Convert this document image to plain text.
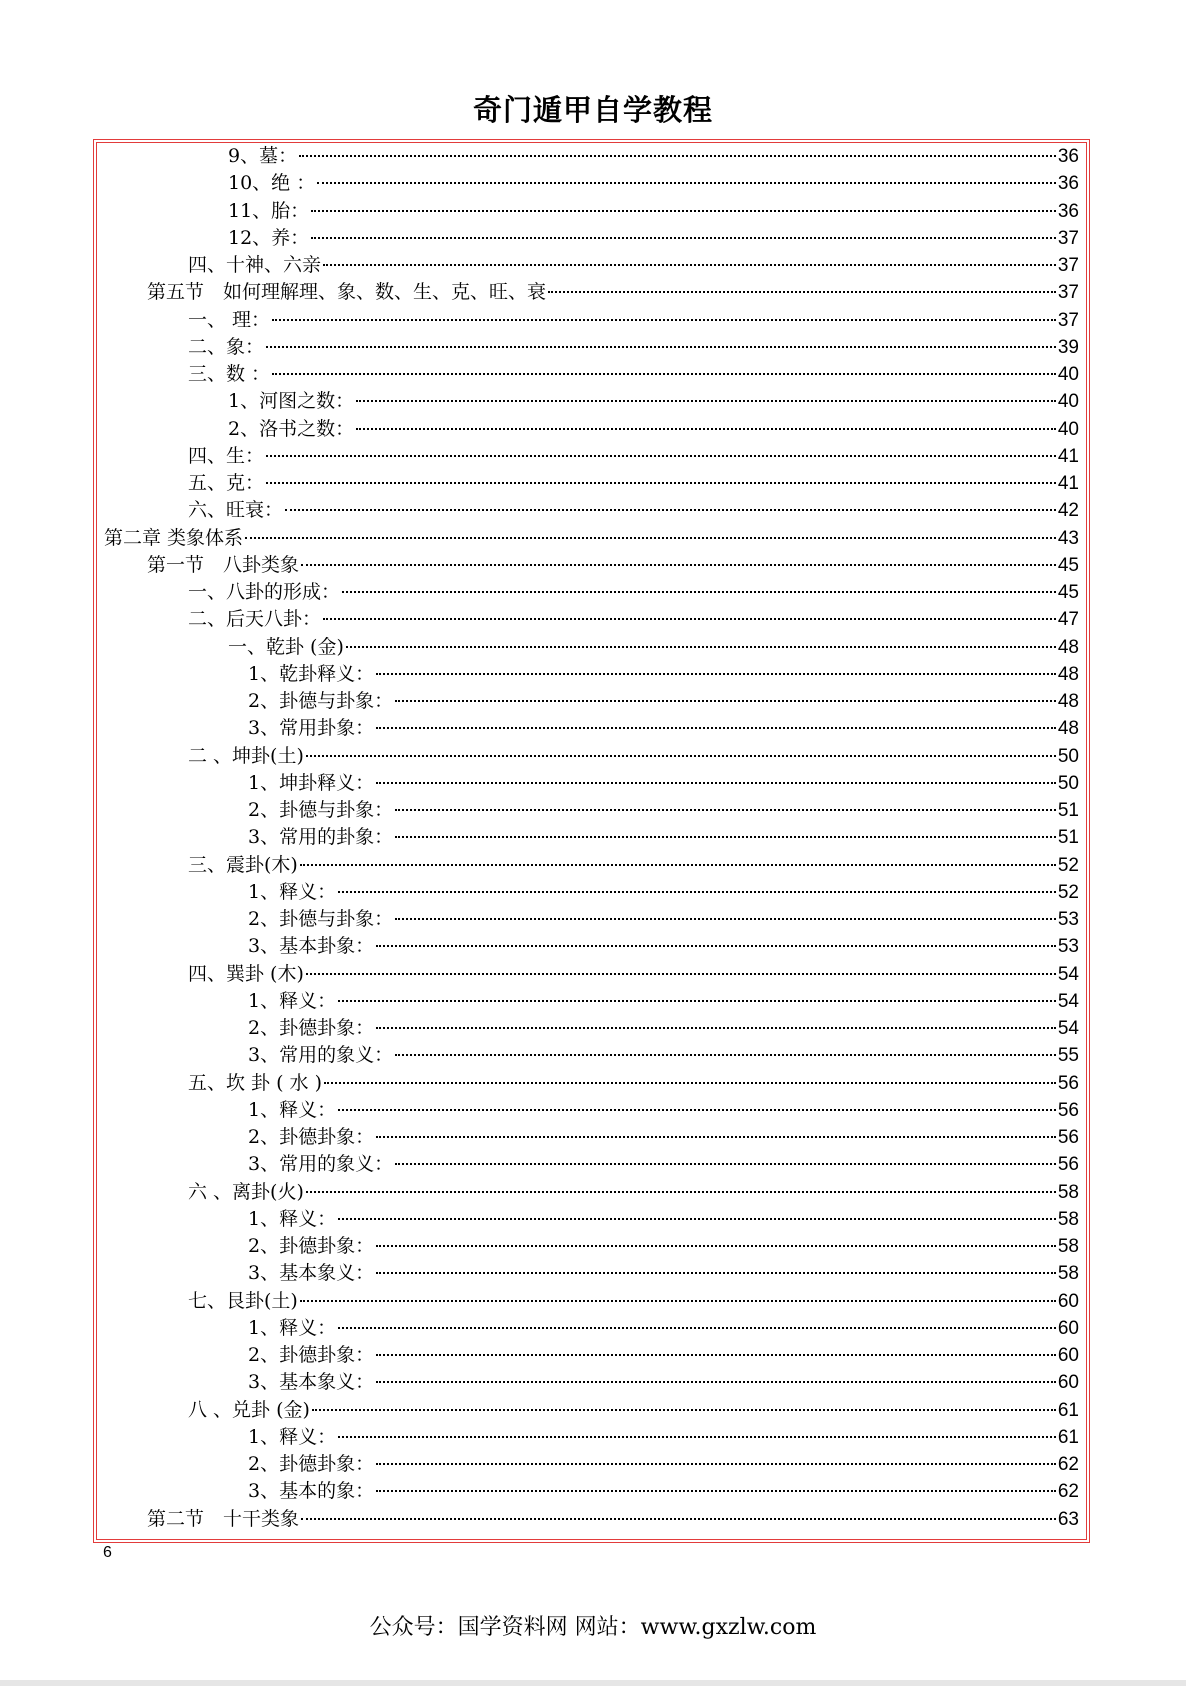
奇门遁甲自学教程
9、墓：	36
10、绝 ：	36
11、胎：	36
12、养：	37
四、十神、六亲	37
第五节　如何理解理、象、数、生、克、旺、衰	37
一、 理：	37
二、象：	39
三、数 ：	40
1、河图之数：	40
2、洛书之数：	40
四、生：	41
五、克：	41
六、旺衰：	42
第二章 类象体系	43
第一节　八卦类象	45
一、八卦的形成：	45
二、后天八卦：	47
一、乾卦 (金)	48
1、乾卦释义：	48
2、卦德与卦象：	48
3、常用卦象：	48
二 、坤卦(土)	50
1、坤卦释义：	50
2、卦德与卦象：	51
3、常用的卦象：	51
三、震卦(木)	52
1、释义：	52
2、卦德与卦象：	53
3、基本卦象：	53
四、巽卦 (木)	54
1、释义：	54
2、卦德卦象：	54
3、常用的象义：	55
五、坎 卦 ( 水 )	56
1、释义：	56
2、卦德卦象：	56
3、常用的象义：	56
六 、离卦(火)	58
1、释义：	58
2、卦德卦象：	58
3、基本象义：	58
七、艮卦(土)	60
1、释义：	60
2、卦德卦象：	60
3、基本象义：	60
八 、兑卦 (金)	61
1、释义：	61
2、卦德卦象：	62
3、基本的象：	62
第二节　十干类象	63
6
公众号：国学资料网 网站：www.gxzlw.com
